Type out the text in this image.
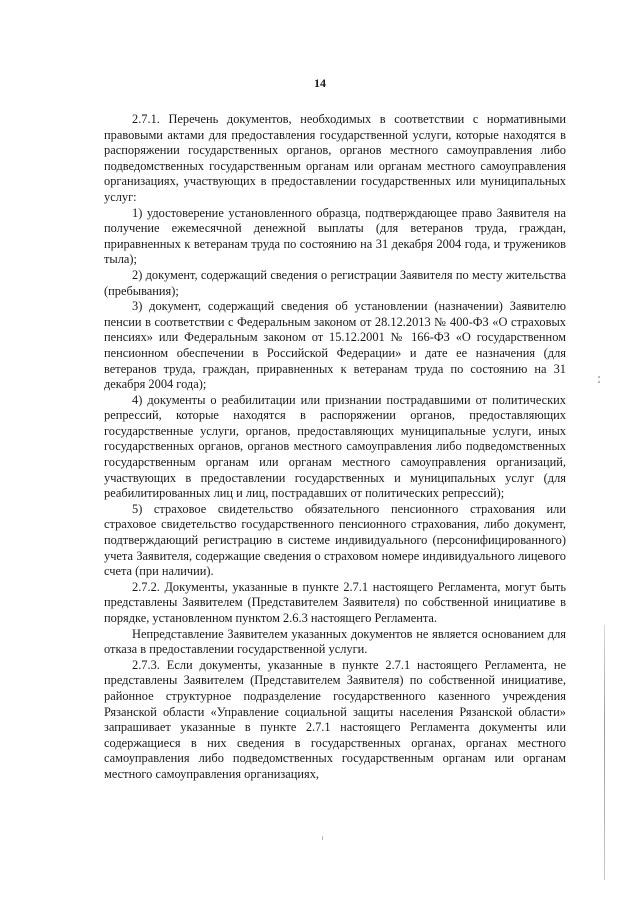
14

2.7.1. Перечень документов, необходимых в соответствии с нормативными правовыми актами для предоставления государственной услуги, которые находятся в распоряжении государственных органов, органов местного самоуправления либо подведомственных государственным органам или органам местного самоуправления организациях, участвующих в предоставлении государственных или муниципальных услуг:

1) удостоверение установленного образца, подтверждающее право Заявителя на получение ежемесячной денежной выплаты (для ветеранов труда, граждан, приравненных к ветеранам труда по состоянию на 31 декабря 2004 года, и тружеников тыла);

2) документ, содержащий сведения о регистрации Заявителя по месту жительства (пребывания);

3) документ, содержащий сведения об установлении (назначении) Заявителю пенсии в соответствии с Федеральным законом от 28.12.2013 № 400-ФЗ «О страховых пенсиях» или Федеральным законом от 15.12.2001 № 166-ФЗ «О государственном пенсионном обеспечении в Российской Федерации» и дате ее назначения (для ветеранов труда, граждан, приравненных к ветеранам труда по состоянию на 31 декабря 2004 года);

4) документы о реабилитации или признании пострадавшими от политических репрессий, которые находятся в распоряжении органов, предоставляющих государственные услуги, органов, предоставляющих муниципальные услуги, иных государственных органов, органов местного самоуправления либо подведомственных государственным органам или органам местного самоуправления организаций, участвующих в предоставлении государственных и муниципальных услуг (для реабилитированных лиц и лиц, пострадавших от политических репрессий);

5) страховое свидетельство обязательного пенсионного страхования или страховое свидетельство государственного пенсионного страхования, либо документ, подтверждающий регистрацию в системе индивидуального (персонифицированного) учета Заявителя, содержащие сведения о страховом номере индивидуального лицевого счета (при наличии).

2.7.2. Документы, указанные в пункте 2.7.1 настоящего Регламента, могут быть представлены Заявителем (Представителем Заявителя) по собственной инициативе в порядке, установленном пунктом 2.6.3 настоящего Регламента.

Непредставление Заявителем указанных документов не является основанием для отказа в предоставлении государственной услуги.

2.7.3. Если документы, указанные в пункте 2.7.1 настоящего Регламента, не представлены Заявителем (Представителем Заявителя) по собственной инициативе, районное структурное подразделение государственного казенного учреждения Рязанской области «Управление социальной защиты населения Рязанской области» запрашивает указанные в пункте 2.7.1 настоящего Регламента документы или содержащиеся в них сведения в государственных органах, органах местного самоуправления либо подведомственных государственным органам или органам местного самоуправления организациях,
